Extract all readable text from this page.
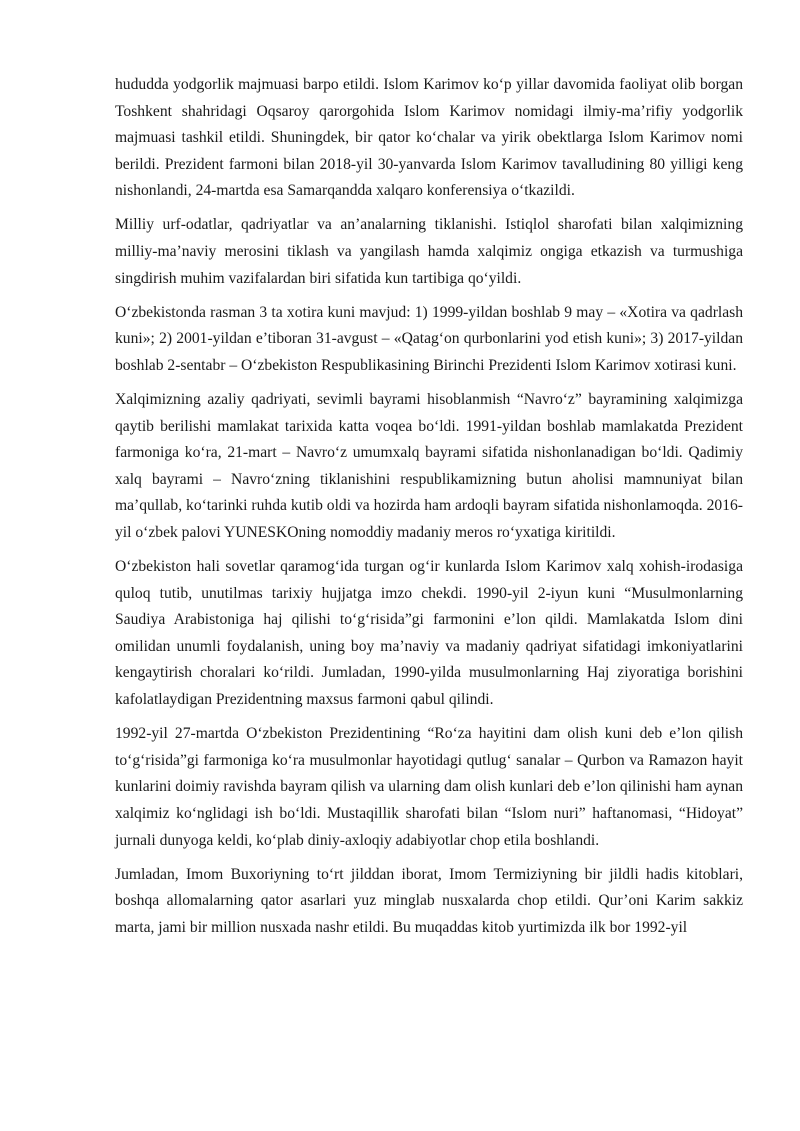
hududda yodgorlik majmuasi barpo etildi. Islom Karimov ko‘p yillar davomida faoliyat olib borgan Toshkent shahridagi Oqsaroy qarorgohida Islom Karimov nomidagi ilmiy-ma’rifiy yodgorlik majmuasi tashkil etildi. Shuningdek, bir qator ko‘chalar va yirik obektlarga Islom Karimov nomi berildi. Prezident farmoni bilan 2018-yil 30-yanvarda Islom Karimov tavalludining 80 yilligi keng nishonlandi, 24-martda esa Samarqandda xalqaro konferensiya o‘tkazildi.

Milliy urf-odatlar, qadriyatlar va an’analarning tiklanishi. Istiqlol sharofati bilan xalqimizning milliy-ma’naviy merosini tiklash va yangilash hamda xalqimiz ongiga etkazish va turmushiga singdirish muhim vazifalardan biri sifatida kun tartibiga qo‘yildi.

O‘zbekistonda rasman 3 ta xotira kuni mavjud: 1) 1999-yildan boshlab 9 may – «Xotira va qadrlash kuni»; 2) 2001-yildan e’tiboran 31-avgust – «Qatag‘on qurbonlarini yod etish kuni»; 3) 2017-yildan boshlab 2-sentabr – O‘zbekiston Respublikasining Birinchi Prezidenti Islom Karimov xotirasi kuni.

Xalqimizning azaliy qadriyati, sevimli bayrami hisoblanmish “Navro‘z” bayramining xalqimizga qaytib berilishi mamlakat tarixida katta voqea bo‘ldi. 1991-yildan boshlab mamlakatda Prezident farmoniga ko‘ra, 21-mart – Navro‘z umumxalq bayrami sifatida nishonlanadigan bo‘ldi. Qadimiy xalq bayrami – Navro‘zning tiklanishini respublikamizning butun aholisi mamnuniyat bilan ma’qullab, ko‘tarinki ruhda kutib oldi va hozirda ham ardoqli bayram sifatida nishonlamoqda. 2016-yil o‘zbek palovi YUNESKOning nomoddiy madaniy meros ro‘yxatiga kiritildi.

O‘zbekiston hali sovetlar qaramog‘ida turgan og‘ir kunlarda Islom Karimov xalq xohish-irodasiga quloq tutib, unutilmas tarixiy hujjatga imzo chekdi. 1990-yil 2-iyun kuni “Musulmonlarning Saudiya Arabistoniga haj qilishi to‘g‘risida”gi farmonini e’lon qildi. Mamlakatda Islom dini omilidan unumli foydalanish, uning boy ma’naviy va madaniy qadriyat sifatidagi imkoniyatlarini kengaytirish choralari ko‘rildi. Jumladan, 1990-yilda musulmonlarning Haj ziyoratiga borishini kafolatlaydigan Prezidentning maxsus farmoni qabul qilindi.

1992-yil 27-martda O‘zbekiston Prezidentining “Ro‘za hayitini dam olish kuni deb e’lon qilish to‘g‘risida”gi farmoniga ko‘ra musulmonlar hayotidagi qutlug‘ sanalar – Qurbon va Ramazon hayit kunlarini doimiy ravishda bayram qilish va ularning dam olish kunlari deb e’lon qilinishi ham aynan xalqimiz ko‘nglidagi ish bo‘ldi. Mustaqillik sharofati bilan “Islom nuri” haftanomasi, “Hidoyat” jurnali dunyoga keldi, ko‘plab diniy-axloqiy adabiyotlar chop etila boshlandi.

Jumladan, Imom Buxoriyning to‘rt jilddan iborat, Imom Termiziyning bir jildli hadis kitoblari, boshqa allomalarning qator asarlari yuz minglab nusxalarda chop etildi. Qur’oni Karim sakkiz marta, jami bir million nusxada nashr etildi. Bu muqaddas kitob yurtimizda ilk bor 1992-yil
